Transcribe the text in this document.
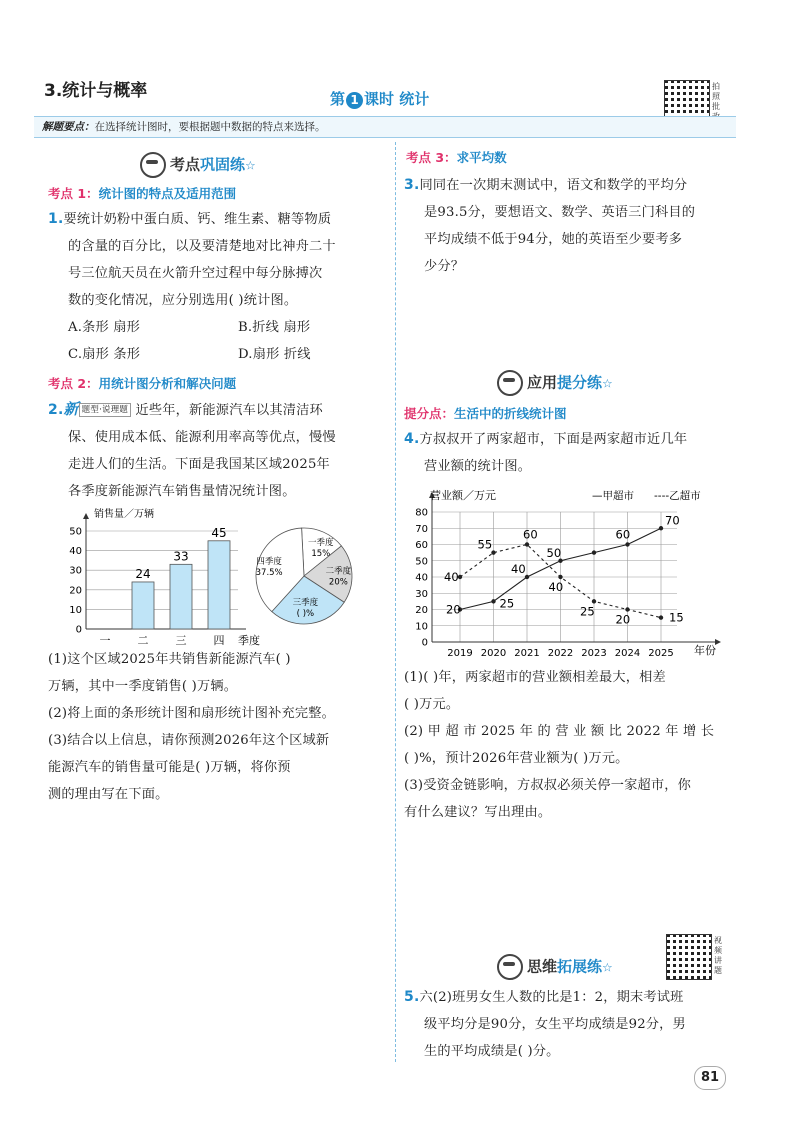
3.统计与概率	第 1 课时 统计
拍照批
解题要点：在选择统计图时，要根据题中数据的特点来选择。
考点巩固练☆
考点 1：统计图的特点及适用范围
1.要统计奶粉中蛋白质、钙、维生素、糖等物质
的含量的百分比，以及要清楚地对比神舟二十
号三位航天员在火箭升空过程中每分脉搏次
数的变化情况，应分别选用( )统计图。
A.条形 扇形	B.折线 扇形
C.扇形 条形	D.扇形 折线
考点 2：用统计图分析和解决问题
2.新 题型·说理题 近些年，新能源汽车以其清洁环
保、使用成本低、能源利用率高等优点，慢慢
走进人们的生活。下面是我国某区域2025年
各季度新能源汽车销售量情况统计图。
0
10
20
30
40
50
一
24
二
33
三
45
四
销售量／万辆
季度
一季度
15%
二季度
20%
三季度
( )%
四季度
37.5%
(1)这个区域2025年共销售新能源汽车( )
万辆，其中一季度销售( )万辆。
(2)将上面的条形统计图和扇形统计图补充完整。
(3)结合以上信息，请你预测2026年这个区域新
能源汽车的销售量可能是( )万辆，将你预
测的理由写在下面。
考点 3：求平均数
3.同同在一次期末测试中，语文和数学的平均分
是93.5分，要想语文、数学、英语三门科目的
平均成绩不低于94分，她的英语至少要考多
少分？
应用提分练☆
提分点：生活中的折线统计图
4.方叔叔开了两家超市，下面是两家超市近几年
营业额的统计图。
0
10
20
30
40
50
60
70
80
2019 2020 2021 2022 2023 2024 2025
20	25
40
50
60
70
40
55
60
40
25
20	15
营业额／万元
年份
—甲超市 ----乙超市
(1)( )年，两家超市的营业额相差最大，相差
( )万元。
(2) 甲 超 市 2025 年 的 营 业 额 比 2022 年 增 长
( )%，预计2026年营业额为( )万元。
(3)受资金链影响，方叔叔必须关停一家超市，你
有什么建议？写出理由。
思维拓展练☆
视频讲题
5.六(2)班男女生人数的比是1：2，期末考试班
级平均分是90分，女生平均成绩是92分，男
生的平均成绩是( )分。
81
